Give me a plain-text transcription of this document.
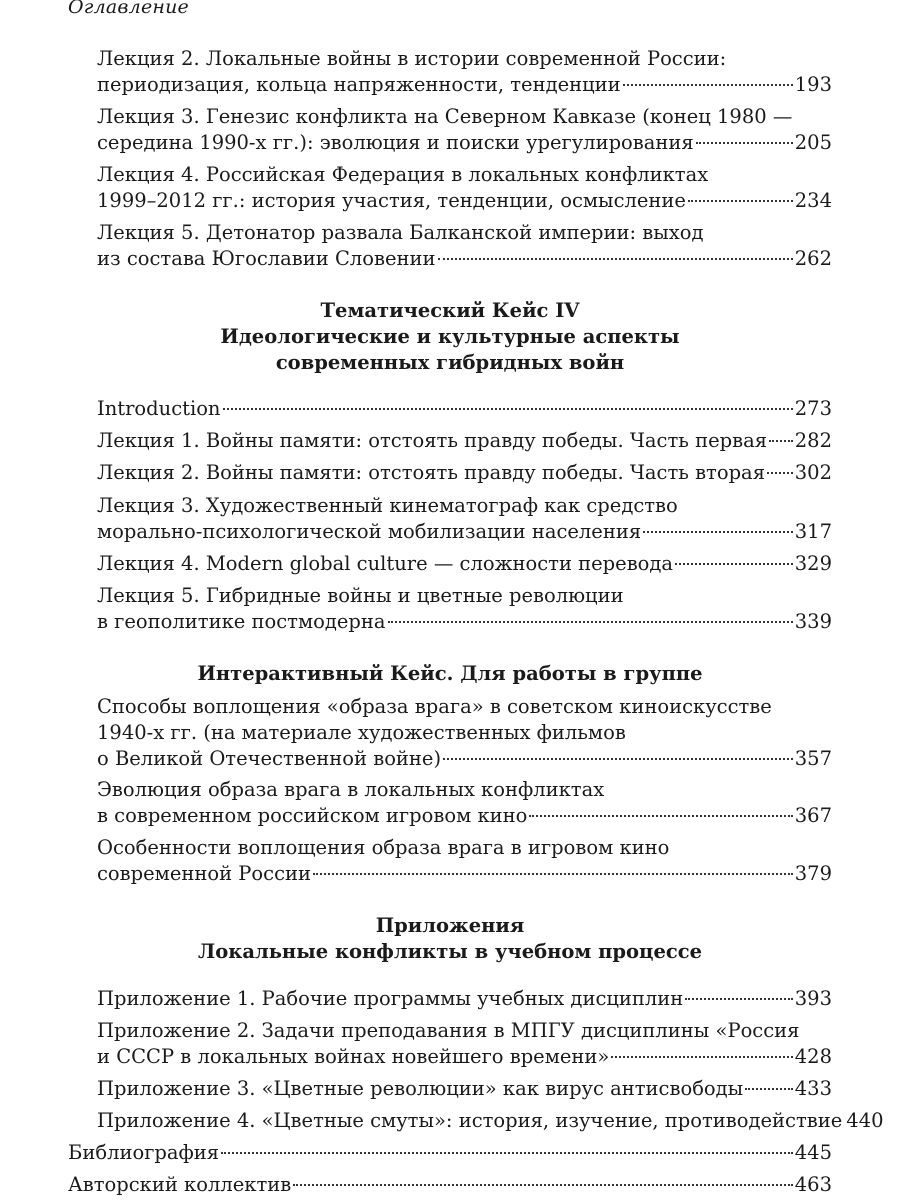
Оглавление
Лекция 2. Локальные войны в истории современной России:
периодизация, кольца напряженности, тенденции	193
Лекция 3. Генезис конфликта на Северном Кавказе (конец 1980 —
середина 1990-х гг.): эволюция и поиски урегулирования	205
Лекция 4. Российская Федерация в локальных конфликтах
1999–2012 гг.: история участия, тенденции, осмысление	234
Лекция 5. Детонатор развала Балканской империи: выход
из состава Югославии Словении	262
Тематический Кейс IV
Идеологические и культурные аспекты
современных гибридных войн
Introduction	273
Лекция 1. Войны памяти: отстоять правду победы. Часть первая 282
Лекция 2. Войны памяти: отстоять правду победы. Часть вторая 302
Лекция 3. Художественный кинематограф как средство
морально-психологической мобилизации населения	317
Лекция 4. Modern global culture — сложности перевода	329
Лекция 5. Гибридные войны и цветные революции
в геополитике постмодерна	339
Интерактивный Кейс. Для работы в группе
Способы воплощения «образа врага» в советском киноискусстве
1940-х гг. (на материале художественных фильмов
о Великой Отечественной войне)	357
Эволюция образа врага в локальных конфликтах
в современном российском игровом кино	367
Особенности воплощения образа врага в игровом кино
современной России	379
Приложения
Локальные конфликты в учебном процессе
Приложение 1. Рабочие программы учебных дисциплин	393
Приложение 2. Задачи преподавания в МПГУ дисциплины «Россия
и СССР в локальных войнах новейшего времени»	428
Приложение 3. «Цветные революции» как вирус антисвободы	433
Приложение 4. «Цветные смуты»: история, изучение, противодействие 440
Библиография	445
Авторский коллектив	463
